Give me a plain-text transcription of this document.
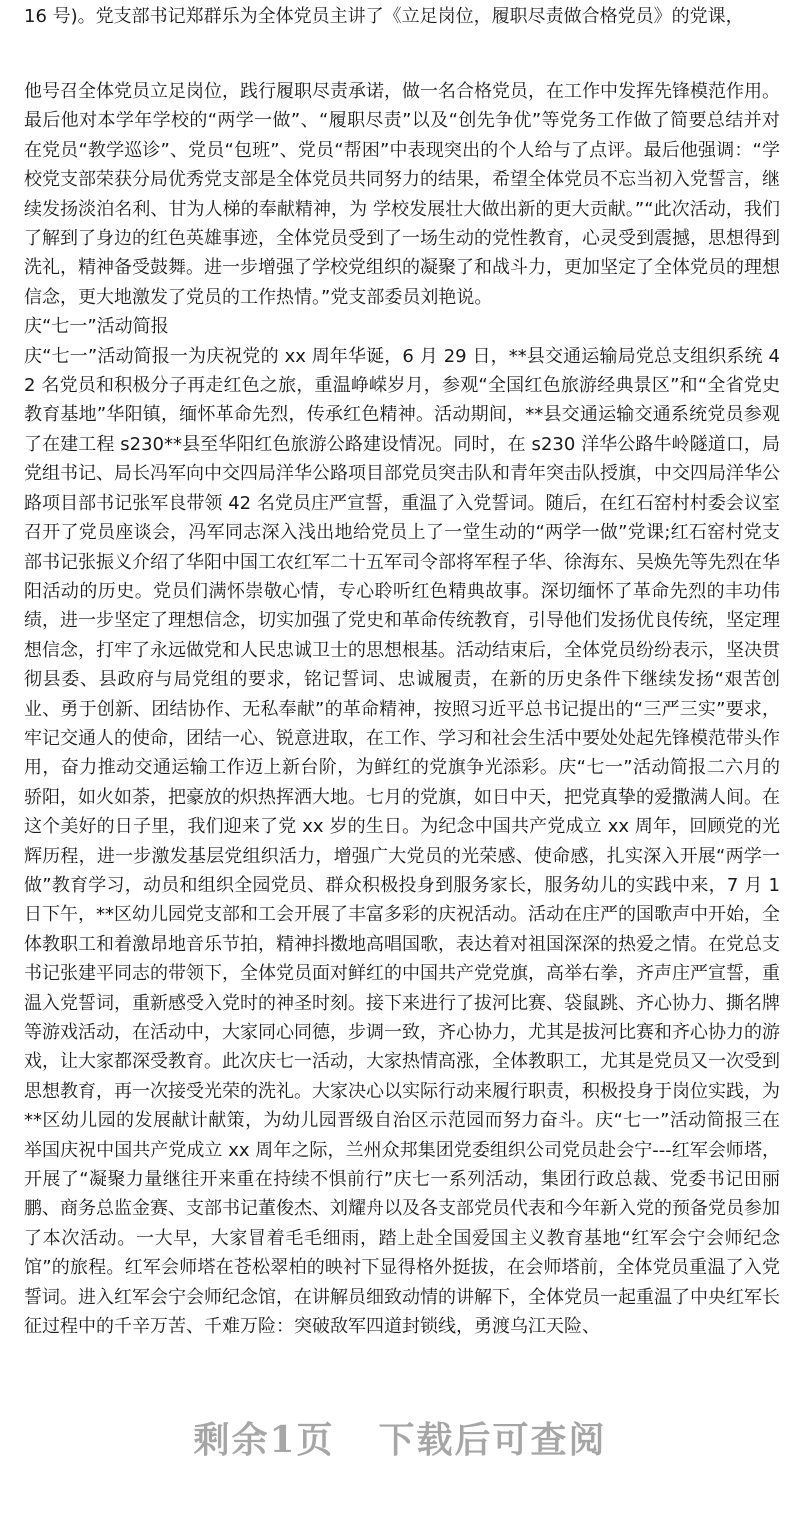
16 号)。党支部书记郑群乐为全体党员主讲了《立足岗位，履职尽责做合格党员》的党课，

他号召全体党员立足岗位，践行履职尽责承诺，做一名合格党员，在工作中发挥先锋模范作用。最后他对本学年学校的“两学一做”、“履职尽责”以及“创先争优”等党务工作做了简要总结并对在党员“教学巡诊”、党员“包班”、党员“帮困”中表现突出的个人给与了点评。最后他强调：“学校党支部荣获分局优秀党支部是全体党员共同努力的结果，希望全体党员不忘当初入党誓言，继续发扬淡泊名利、甘为人梯的奉献精神，为 学校发展壮大做出新的更大贡献。”“此次活动，我们了解到了身边的红色英雄事迹，全体党员受到了一场生动的党性教育，心灵受到震撼，思想得到洗礼，精神备受鼓舞。进一步增强了学校党组织的凝聚了和战斗力，更加坚定了全体党员的理想信念，更大地激发了党员的工作热情。”党支部委员刘艳说。

庆“七一”活动简报

庆“七一”活动简报一为庆祝党的 xx 周年华诞，6 月 29 日，**县交通运输局党总支组织系统 42 名党员和积极分子再走红色之旅，重温峥嵘岁月，参观“全国红色旅游经典景区”和“全省党史教育基地”华阳镇，缅怀革命先烈，传承红色精神。活动期间，**县交通运输交通系统党员参观了在建工程 s230**县至华阳红色旅游公路建设情况。同时，在 s230 洋华公路牛岭隧道口，局党组书记、局长冯军向中交四局洋华公路项目部党员突击队和青年突击队授旗，中交四局洋华公路项目部书记张军良带领 42 名党员庄严宣誓，重温了入党誓词。随后，在红石窑村村委会议室召开了党员座谈会，冯军同志深入浅出地给党员上了一堂生动的“两学一做”党课;红石窑村党支部书记张振义介绍了华阳中国工农红军二十五军司令部将军程子华、徐海东、吴焕先等先烈在华阳活动的历史。党员们满怀崇敬心情，专心聆听红色精典故事。深切缅怀了革命先烈的丰功伟绩，进一步坚定了理想信念，切实加强了党史和革命传统教育，引导他们发扬优良传统，坚定理想信念，打牢了永远做党和人民忠诚卫士的思想根基。活动结束后，全体党员纷纷表示，坚决贯彻县委、县政府与局党组的要求，铭记誓词、忠诚履责，在新的历史条件下继续发扬“艰苦创业、勇于创新、团结协作、无私奉献”的革命精神，按照习近平总书记提出的“三严三实”要求，牢记交通人的使命，团结一心、锐意进取，在工作、学习和社会生活中要处处起先锋模范带头作用，奋力推动交通运输工作迈上新台阶，为鲜红的党旗争光添彩。庆“七一”活动简报二六月的骄阳，如火如荼，把豪放的炽热挥洒大地。七月的党旗，如日中天，把党真挚的爱撒满人间。在这个美好的日子里，我们迎来了党 xx 岁的生日。为纪念中国共产党成立 xx 周年，回顾党的光辉历程，进一步激发基层党组织活力，增强广大党员的光荣感、使命感，扎实深入开展“两学一做”教育学习，动员和组织全园党员、群众积极投身到服务家长，服务幼儿的实践中来，7 月 1 日下午，**区幼儿园党支部和工会开展了丰富多彩的庆祝活动。活动在庄严的国歌声中开始，全体教职工和着激昂地音乐节拍，精神抖擞地高唱国歌，表达着对祖国深深的热爱之情。在党总支书记张建平同志的带领下，全体党员面对鲜红的中国共产党党旗，高举右拳，齐声庄严宣誓，重温入党誓词，重新感受入党时的神圣时刻。接下来进行了拔河比赛、袋鼠跳、齐心协力、撕名牌等游戏活动，在活动中，大家同心同德，步调一致，齐心协力，尤其是拔河比赛和齐心协力的游戏，让大家都深受教育。此次庆七一活动，大家热情高涨，全体教职工，尤其是党员又一次受到思想教育，再一次接受光荣的洗礼。大家决心以实际行动来履行职责，积极投身于岗位实践，为**区幼儿园的发展献计献策，为幼儿园晋级自治区示范园而努力奋斗。庆“七一”活动简报三在举国庆祝中国共产党成立 xx 周年之际，兰州众邦集团党委组织公司党员赴会宁---红军会师塔，开展了“凝聚力量继往开来重在持续不惧前行”庆七一系列活动，集团行政总裁、党委书记田丽鹏、商务总监金赛、支部书记董俊杰、刘耀舟以及各支部党员代表和今年新入党的预备党员参加了本次活动。一大早，大家冒着毛毛细雨，踏上赴全国爱国主义教育基地“红军会宁会师纪念馆”的旅程。红军会师塔在苍松翠柏的映衬下显得格外挺拔，在会师塔前，全体党员重温了入党誓词。进入红军会宁会师纪念馆，在讲解员细致动情的讲解下，全体党员一起重温了中央红军长征过程中的千辛万苦、千难万险：突破敌军四道封锁线，勇渡乌江天险、

剩余1页 下载后可查阅
